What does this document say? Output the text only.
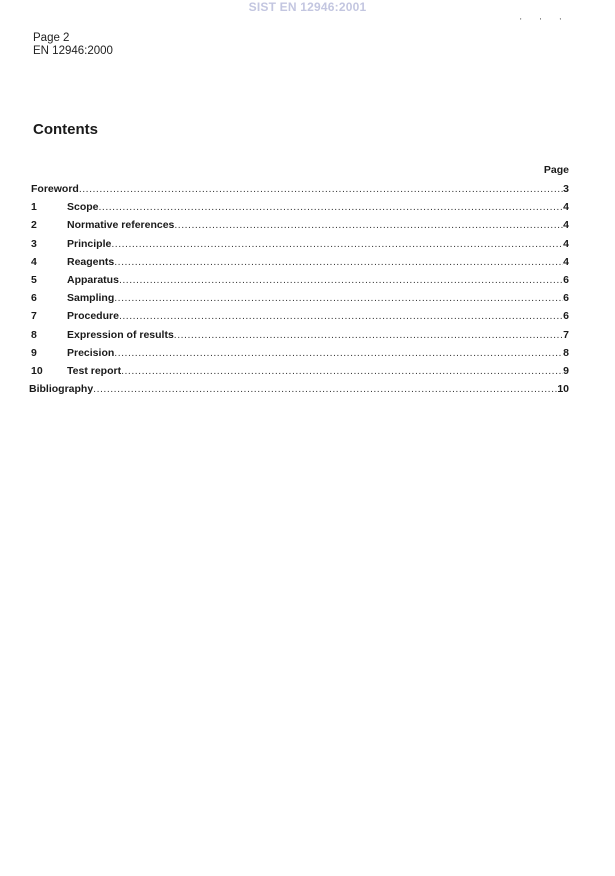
SIST EN 12946:2001
' ' '
Page 2
EN 12946:2000
Contents
Page
Foreword .....	3
1	Scope .....	4
2	Normative references .....	4
3	Principle .....	4
4	Reagents .....	4
5	Apparatus .....	6
6	Sampling .....	6
7	Procedure .....	6
8	Expression of results .....	7
9	Precision .....	8
10	Test report .....	9
Bibliography .....	10
